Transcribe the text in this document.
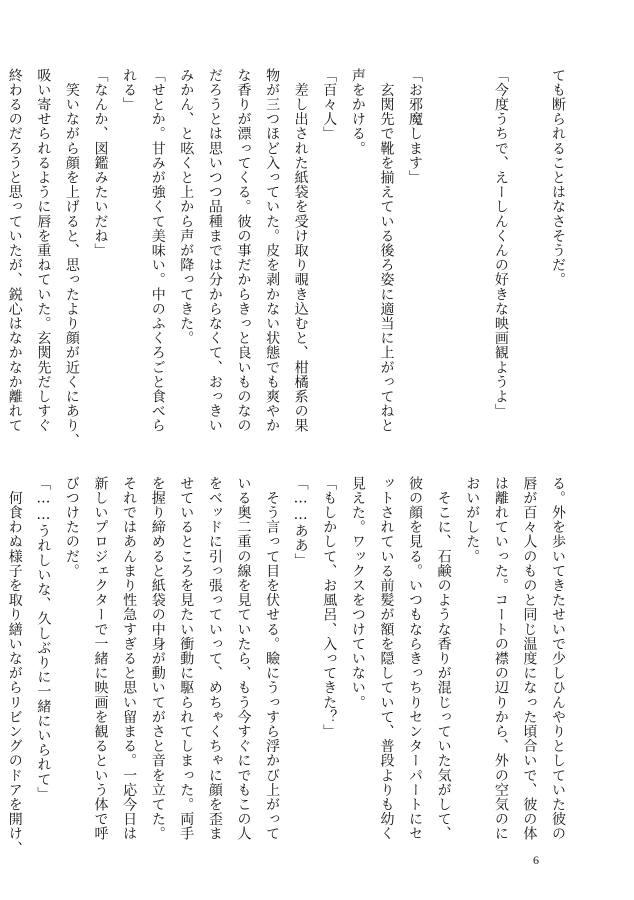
ても断られることはなさそうだ。

「今度うちで、えーしんくんの好きな映画観ようよ」

「お邪魔します」
　玄関先で靴を揃えている後ろ姿に適当に上がってねと
声をかける。
「百々人」
　差し出された紙袋を受け取り覗き込むと、柑橘系の果
物が三つほど入っていた。皮を剥かない状態でも爽やか
な香りが漂ってくる。彼の事だからきっと良いものなの
だろうとは思いつつ品種までは分からなくて、おっきい
みかん、と呟くと上から声が降ってきた。
「せとか。甘みが強くて美味い。中のふくろごと食べら
れる」
「なんか、図鑑みたいだね」
　笑いながら顔を上げると、思ったより顔が近くにあり、
吸い寄せられるように唇を重ねていた。玄関先だしすぐ
終わるのだろうと思っていたが、鋭心はなかなか離れて
る。外を歩いてきたせいで少しひんやりとしていた彼の
唇が百々人のものと同じ温度になった頃合いで、彼の体
は離れていった。コートの襟の辺りから、外の空気のに
おいがした。
　そこに、石鹸のような香りが混じっていた気がして、
彼の顔を見る。いつもならきっちりセンターパートにセ
ットされている前髪が額を隠していて、普段よりも幼く
見えた。ワックスをつけていない。
「もしかして、お風呂、入ってきた？」
「……ああ」
　そう言って目を伏せる。瞼にうっすら浮かび上がって
いる奥二重の線を見ていたら、もう今すぐにでもこの人
をベッドに引っ張っていって、めちゃくちゃに顔を歪ま
せているところを見たい衝動に駆られてしまった。両手
を握り締めると紙袋の中身が動いてがさと音を立てた。
それではあんまり性急すぎると思い留まる。一応今日は
新しいプロジェクターで一緒に映画を観るという体で呼
びつけたのだ。
「……うれしいな、久しぶりに一緒にいられて」
　何食わぬ様子を取り繕いながらリビングのドアを開け、

6
